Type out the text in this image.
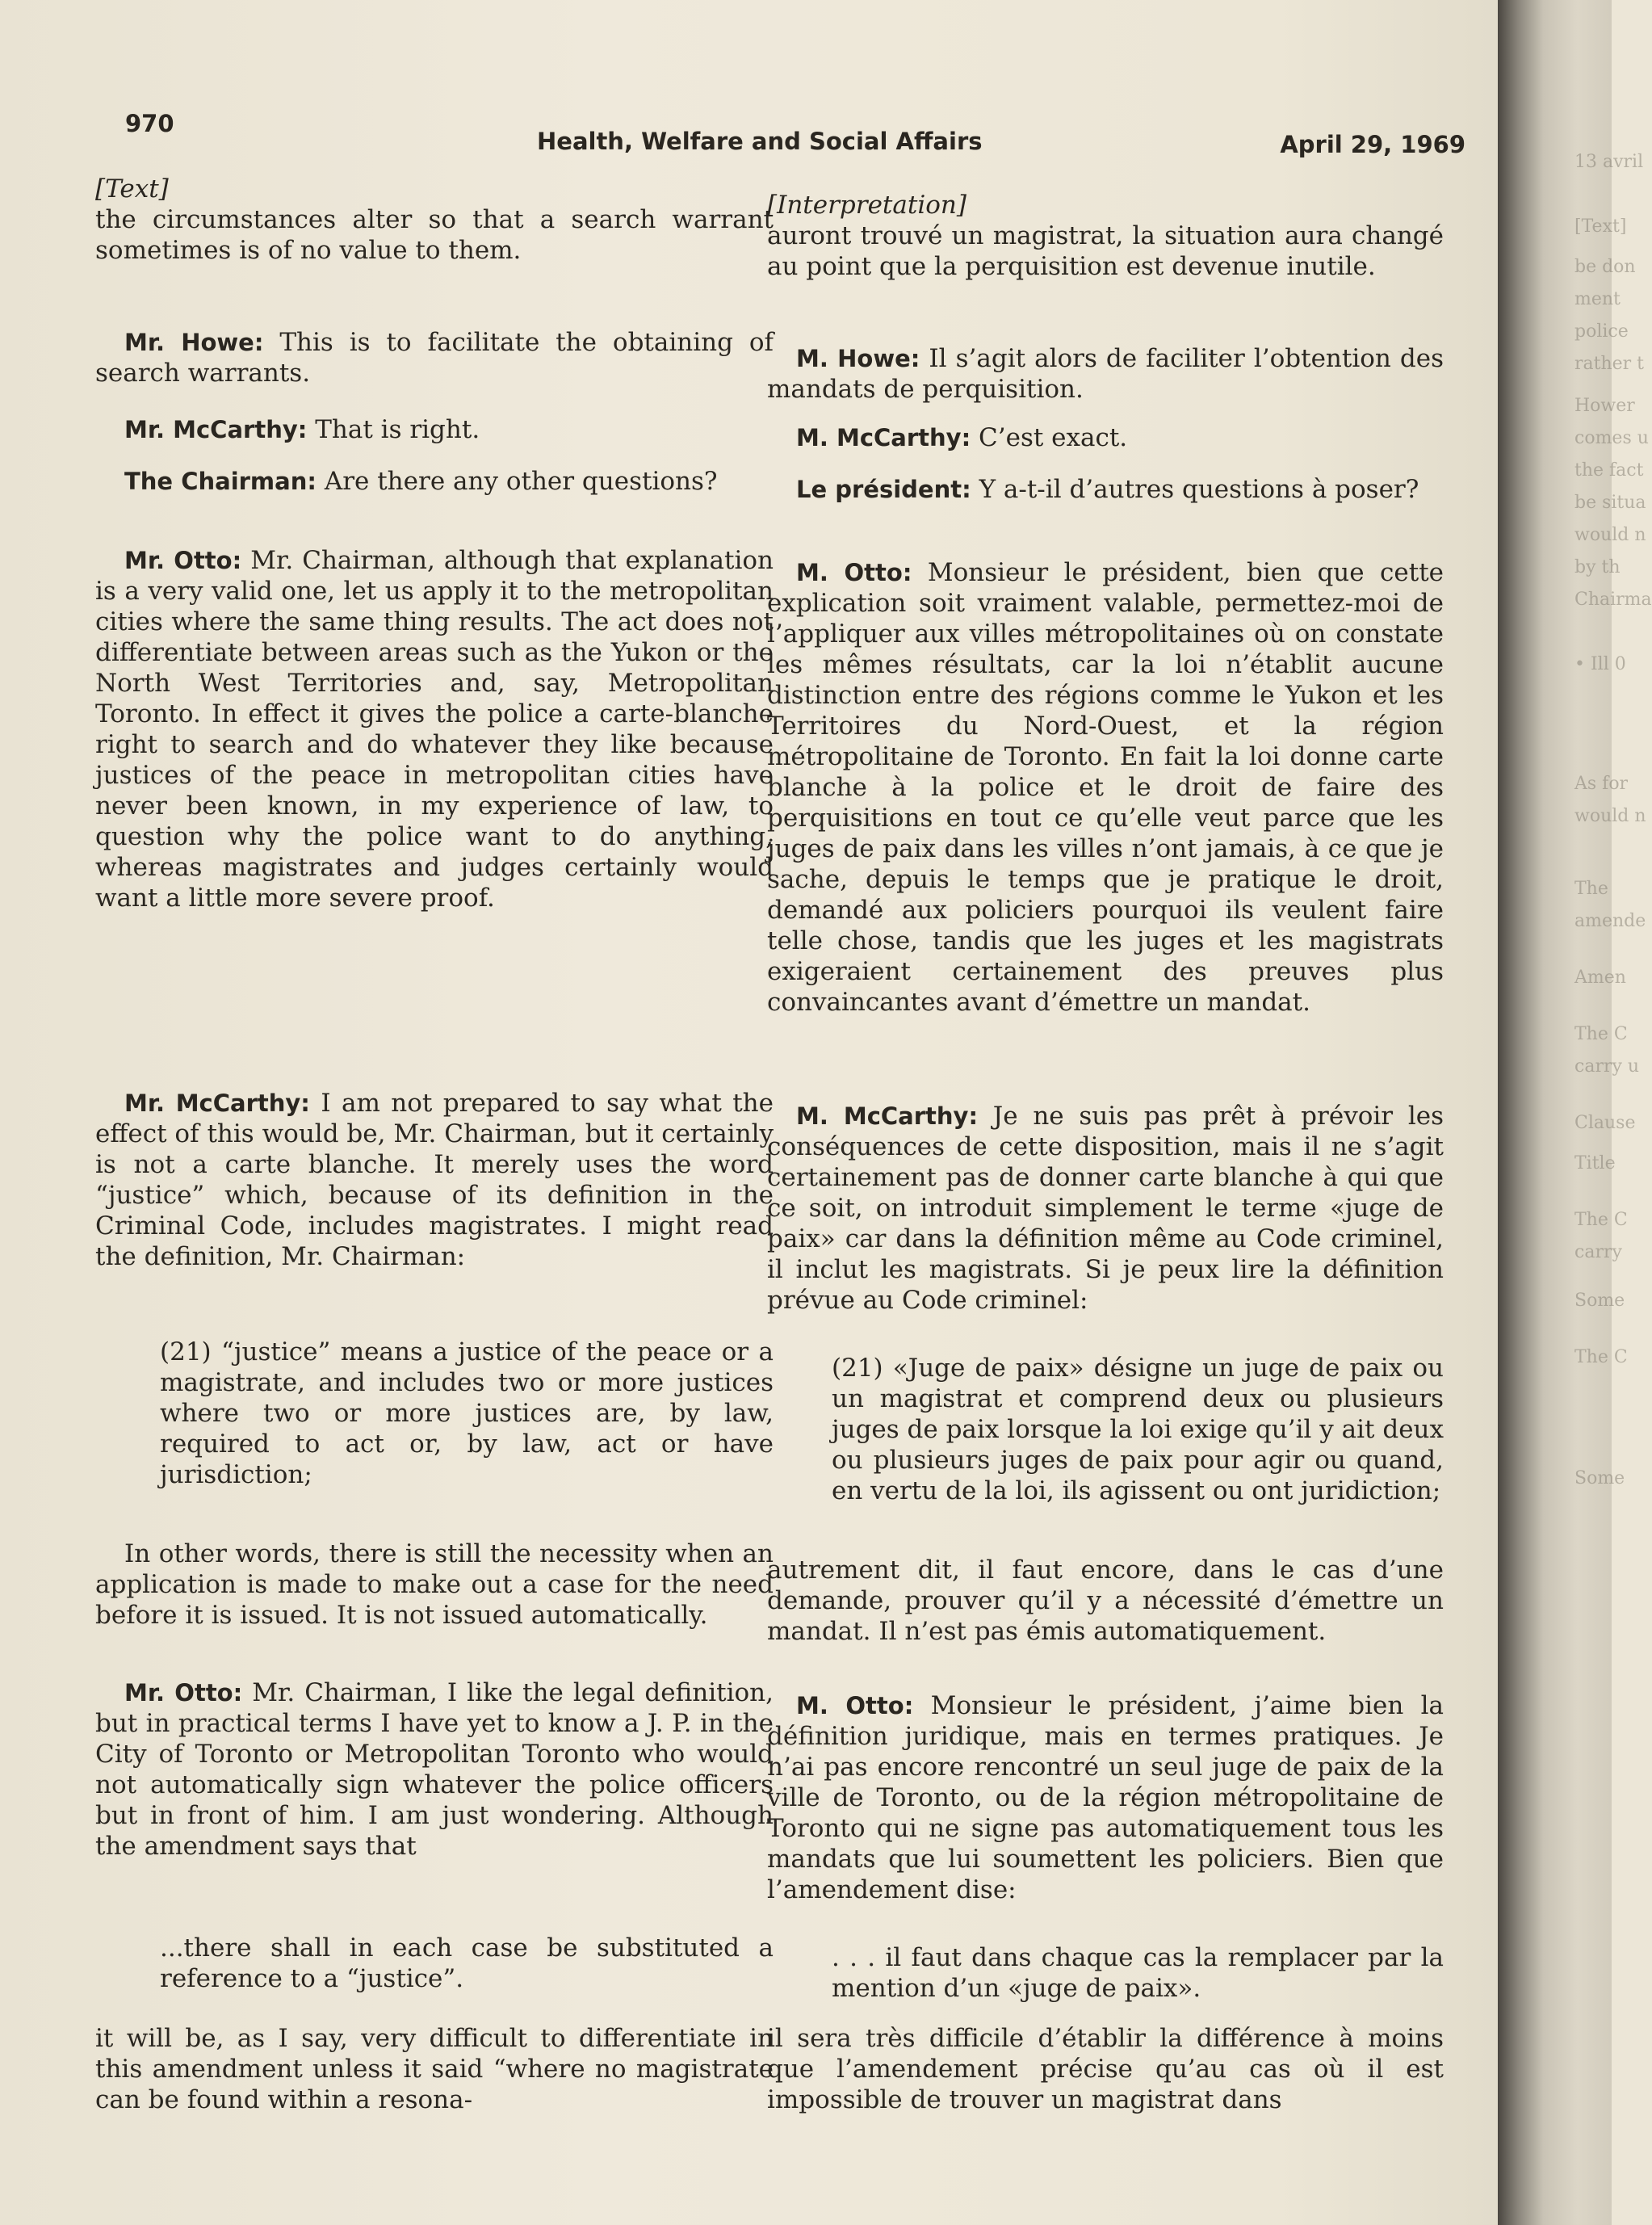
970
Health, Welfare and Social Affairs	April 29, 1969

[Text]

the circumstances alter so that a search warrant sometimes is of no value to them.

Mr. Howe: This is to facilitate the obtaining of search warrants.

Mr. McCarthy: That is right.

The Chairman: Are there any other questions?

Mr. Otto: Mr. Chairman, although that explanation is a very valid one, let us apply it to the metropolitan cities where the same thing results. The act does not differentiate between areas such as the Yukon or the North West Territories and, say, Metropolitan Toronto. In effect it gives the police a carte-blanche right to search and do whatever they like because justices of the peace in metropolitan cities have never been known, in my experience of law, to question why the police want to do anything, whereas magistrates and judges certainly would want a little more severe proof.

Mr. McCarthy: I am not prepared to say what the effect of this would be, Mr. Chairman, but it certainly is not a carte blanche. It merely uses the word “justice” which, because of its definition in the Criminal Code, includes magistrates. I might read the definition, Mr. Chairman:

(21) “justice” means a justice of the peace or a magistrate, and includes two or more justices where two or more justices are, by law, required to act or, by law, act or have jurisdiction;

In other words, there is still the necessity when an application is made to make out a case for the need before it is issued. It is not issued automatically.

Mr. Otto: Mr. Chairman, I like the legal definition, but in practical terms I have yet to know a J. P. in the City of Toronto or Metropolitan Toronto who would not automatically sign whatever the police officers but in front of him. I am just wondering. Although the amendment says that

...there shall in each case be substituted a reference to a “justice”.

it will be, as I say, very difficult to differentiate in this amendment unless it said “where no magistrate can be found within a resona-

[Interpretation]

auront trouvé un magistrat, la situation aura changé au point que la perquisition est devenue inutile.

M. Howe: Il s’agit alors de faciliter l’obtention des mandats de perquisition.

M. McCarthy: C’est exact.

Le président: Y a-t-il d’autres questions à poser?

M. Otto: Monsieur le président, bien que cette explication soit vraiment valable, permettez-moi de l’appliquer aux villes métropolitaines où on constate les mêmes résultats, car la loi n’établit aucune distinction entre des régions comme le Yukon et les Territoires du Nord-Ouest, et la région métropolitaine de Toronto. En fait la loi donne carte blanche à la police et le droit de faire des perquisitions en tout ce qu’elle veut parce que les juges de paix dans les villes n’ont jamais, à ce que je sache, depuis le temps que je pratique le droit, demandé aux policiers pourquoi ils veulent faire telle chose, tandis que les juges et les magistrats exigeraient certainement des preuves plus convaincantes avant d’émettre un mandat.

M. McCarthy: Je ne suis pas prêt à prévoir les conséquences de cette disposition, mais il ne s’agit certainement pas de donner carte blanche à qui que ce soit, on introduit simplement le terme «juge de paix» car dans la définition même au Code criminel, il inclut les magistrats. Si je peux lire la définition prévue au Code criminel:

(21) «Juge de paix» désigne un juge de paix ou un magistrat et comprend deux ou plusieurs juges de paix lorsque la loi exige qu’il y ait deux ou plusieurs juges de paix pour agir ou quand, en vertu de la loi, ils agissent ou ont juridiction;

autrement dit, il faut encore, dans le cas d’une demande, prouver qu’il y a nécessité d’émettre un mandat. Il n’est pas émis automatiquement.

M. Otto: Monsieur le président, j’aime bien la définition juridique, mais en termes pratiques. Je n’ai pas encore rencontré un seul juge de paix de la ville de Toronto, ou de la région métropolitaine de Toronto qui ne signe pas automatiquement tous les mandats que lui soumettent les policiers. Bien que l’amendement dise:

. . . il faut dans chaque cas la remplacer par la mention d’un «juge de paix».

il sera très difficile d’établir la différence à moins que l’amendement précise qu’au cas où il est impossible de trouver un magistrat dans

13 avril
[Text]
be don
ment
police
rather t
Hower
comes u
the fact
be situa
would n
by th
Chairma
• Ill 0
As for
would n
The
amende
Amen
The C
carry u
Clause
Title
The C
carry
Some
The C
Some
